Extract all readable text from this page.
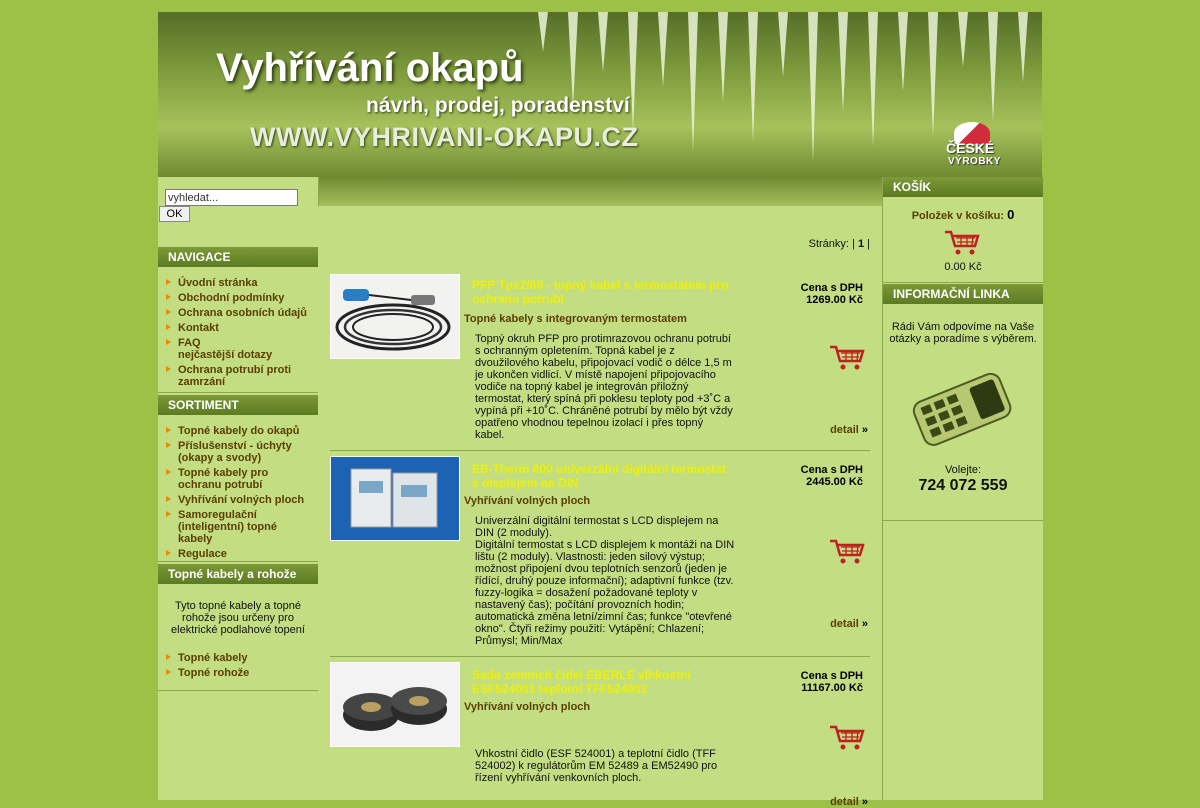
Vyhřívání okapů
návrh, prodej, poradenství
WWW.VYHRIVANI-OKAPU.CZ	ČESKÉ
VÝROBKY
vyhledat...
OK
NAVIGACE
Úvodní stránka
Obchodní podmínky
Ochrana osobních údajů
Kontakt
FAQ
nejčastější dotazy
Ochrana potrubí proti zamrzání
SORTIMENT
Topné kabely do okapů
Příslušenství - úchyty (okapy a svody)
Topné kabely pro ochranu potrubí
Vyhřívání volných ploch
Samoregulační (inteligentní) topné kabely
Regulace
Topné kabely a rohože
Tyto topné kabely a topné rohože jsou určeny pro elektrické podlahové topení
Topné kabely
Topné rohože
Stránky: | 1 |
PFP Tpx2/88 - topný kabel s termostatem pro ochranu potrubí
Topné kabely s integrovaným termostatem
Topný okruh PFP pro protimrazovou ochranu potrubí s ochranným opletením. Topná kabel je z dvoužilového kabelu, připojovací vodič o délce 1,5 m je ukončen vidlicí. V místě napojení připojovacího vodiče na topný kabel je integrován přiložný termostat, který spíná při poklesu teploty pod +3˚C a vypíná při +10˚C. Chráněné potrubí by mělo být vždy opatřeno vhodnou tepelnou izolací i přes topný kabel.
Cena s DPH
1269.00 Kč
detail »
EB-Therm 800 univerzální digitální termostat s displejem na DIN
Vyhřívání volných ploch
Univerzální digitální termostat s LCD displejem na DIN (2 moduly).
Digitální termostat s LCD displejem k montáži na DIN lištu (2 moduly). Vlastnosti: jeden silový výstup; možnost připojení dvou teplotních senzorů (jeden je řídící, druhý pouze informační); adaptivní funkce (tzv. fuzzy-logika = dosažení požadované teploty v nastavený čas); počítání provozních hodin; automatická změna letní/zimní čas; funkce "otevřené okno". Čtyři režimy použití: Vytápění; Chlazení; Průmysl; Min/Max
Cena s DPH
2445.00 Kč
detail »
Sada zemních čidel EBERLE vlhkostní ESF524001 teplotní TFF524002
Vyhřívání volných ploch
Vhkostní čidlo (ESF 524001) a teplotní čidlo (TFF 524002) k regulátorům EM 52489 a EM52490 pro řízení vyhřívání venkovních ploch.
Cena s DPH
11167.00 Kč
detail »
KOŠÍK
Položek v košíku: 0
0.00 Kč
INFORMAČNÍ LINKA
Rádi Vám odpovíme na Vaše otázky a poradíme s výběrem.
Volejte:
724 072 559
